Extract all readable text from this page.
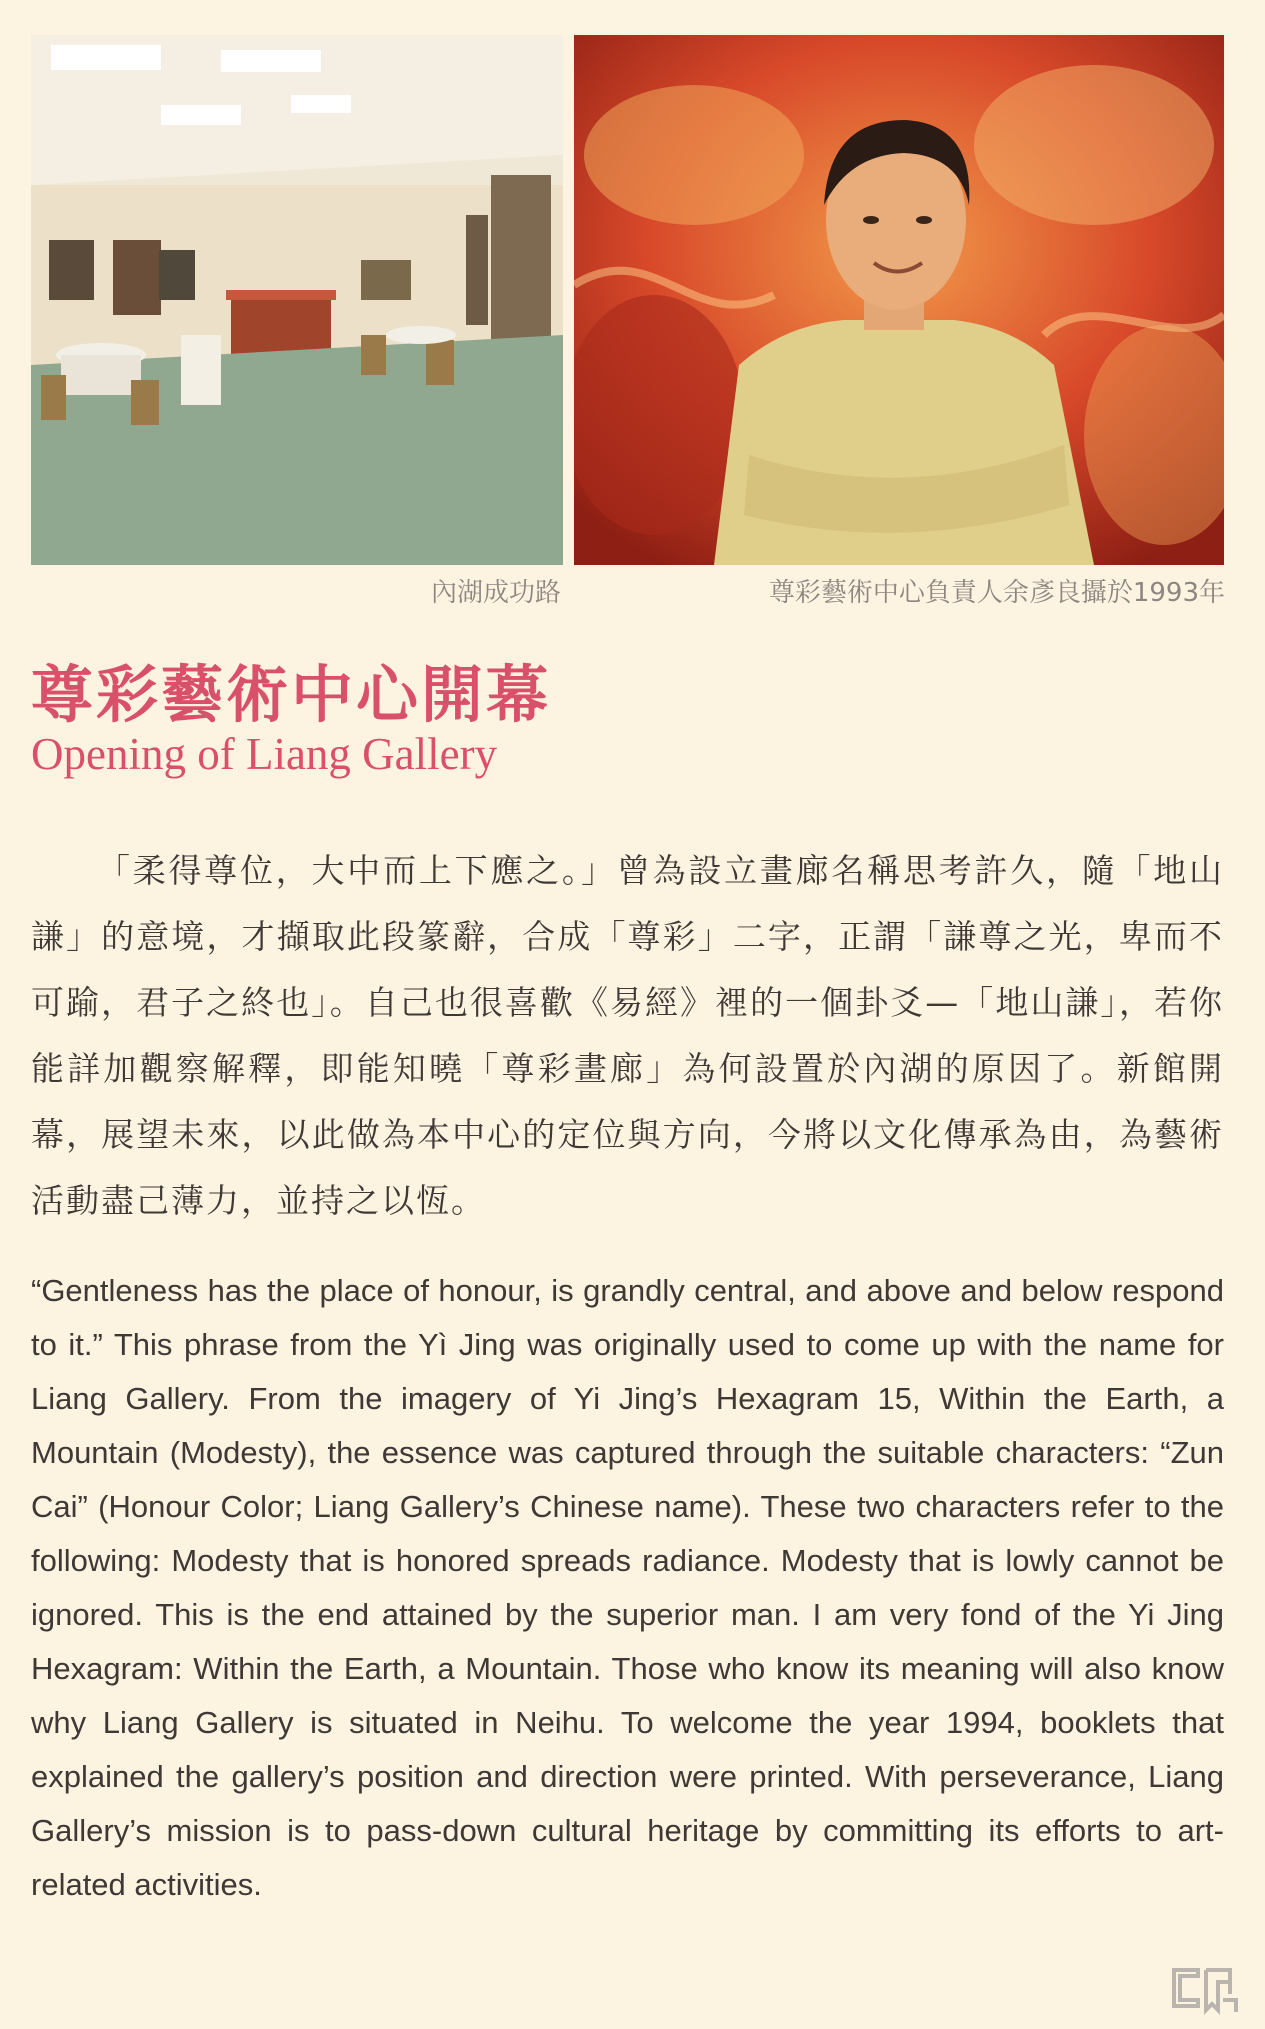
內湖成功路	尊彩藝術中心負責人余彥良攝於1993年
尊彩藝術中心開幕
Opening of Liang Gallery

「柔得尊位，大中而上下應之。」曾為設立畫廊名稱思考許久，隨「地山謙」的意境，才擷取此段篆辭，合成「尊彩」二字，正謂「謙尊之光，卑而不可踰，君子之終也」。自己也很喜歡《易經》裡的一個卦爻—「地山謙」，若你能詳加觀察解釋，即能知曉「尊彩畫廊」為何設置於內湖的原因了。新館開幕，展望未來，以此做為本中心的定位與方向，今將以文化傳承為由，為藝術活動盡己薄力，並持之以恆。

“Gentleness has the place of honour, is grandly central, and above and below respond to it.” This phrase from the Yì Jing was originally used to come up with the name for Liang Gallery. From the imagery of Yi Jing’s Hexagram 15, Within the Earth, a Mountain (Modesty), the essence was captured through the suitable characters: “Zun Cai” (Honour Color; Liang Gallery’s Chinese name). These two characters refer to the following: Modesty that is honored spreads radiance. Modesty that is lowly cannot be ignored. This is the end attained by the superior man. I am very fond of the Yi Jing Hexagram: Within the Earth, a Mountain. Those who know its meaning will also know why Liang Gallery is situated in Neihu. To welcome the year 1994, booklets that explained the gallery’s position and direction were printed. With perseverance, Liang Gallery’s mission is to pass-down cultural heritage by committing its efforts to art-related activities.
